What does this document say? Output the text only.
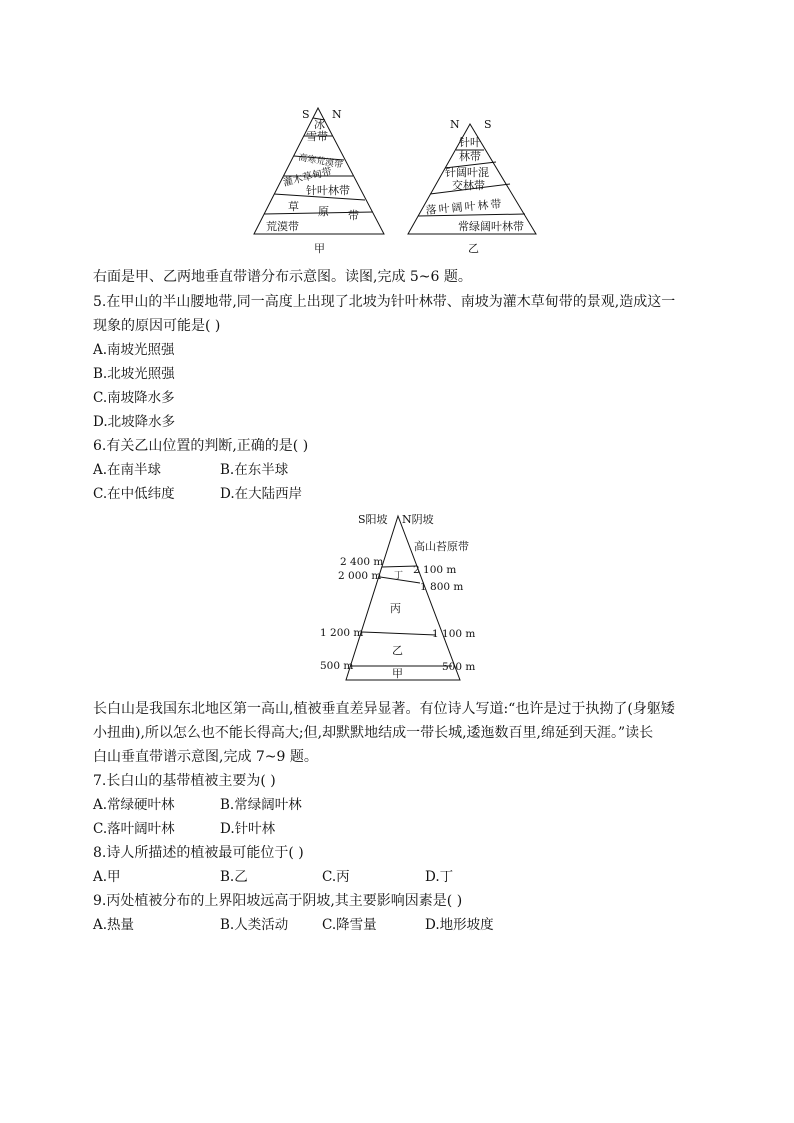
S N
冰
雪带
高寒荒漠带
灌木草甸带
针叶林带
草 原 带
荒漠带
甲
N S
针叶
林带
针阔叶混
交林带
落叶阔叶林带
常绿阔叶林带
乙
右面是甲、乙两地垂直带谱分布示意图。读图,完成 5~6 题。
5.在甲山的半山腰地带,同一高度上出现了北坡为针叶林带、南坡为灌木草甸带的景观,造成这一
现象的原因可能是( )
A.南坡光照强
B.北坡光照强
C.南坡降水多
D.北坡降水多
6.有关乙山位置的判断,正确的是( )
A.在南半球	B.在东半球
C.在中低纬度	D.在大陆西岸
S阳坡 N阴坡
高山苔原带
丁
丙
乙
甲
2 400 m
2 000 m
1 200 m
500 m
2 100 m
1 800 m
1 100 m
500 m
长白山是我国东北地区第一高山,植被垂直差异显著。有位诗人写道:“也许是过于执拗了(身躯矮
小扭曲),所以怎么也不能长得高大;但,却默默地结成一带长城,逶迤数百里,绵延到天涯。”读长
白山垂直带谱示意图,完成 7~9 题。
7.长白山的基带植被主要为( )
A.常绿硬叶林	B.常绿阔叶林
C.落叶阔叶林	D.针叶林
8.诗人所描述的植被最可能位于( )
A.甲	B.乙	C.丙	D.丁
9.丙处植被分布的上界阳坡远高于阴坡,其主要影响因素是( )
A.热量	B.人类活动	C.降雪量	D.地形坡度
